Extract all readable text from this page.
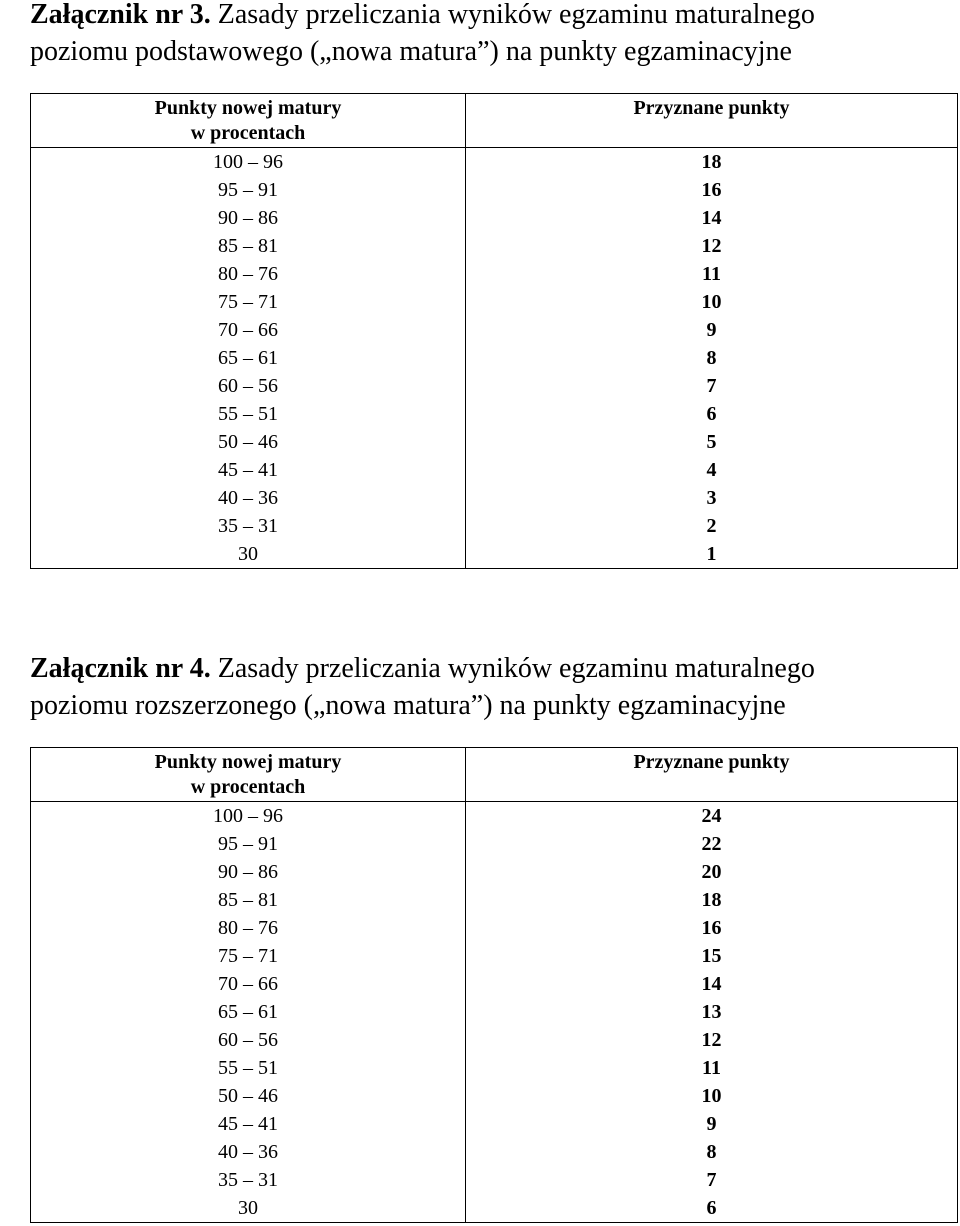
Załącznik nr 3. Zasady przeliczania wyników egzaminu maturalnego
poziomu podstawowego („nowa matura”) na punkty egzaminacyjne
Punkty nowej matury
w procentach	Przyznane punkty
100 – 96	18
95 – 91	16
90 – 86	14
85 – 81	12
80 – 76	11
75 – 71	10
70 – 66	9
65 – 61	8
60 – 56	7
55 – 51	6
50 – 46	5
45 – 41	4
40 – 36	3
35 – 31	2
30	1
Załącznik nr 4. Zasady przeliczania wyników egzaminu maturalnego
poziomu rozszerzonego („nowa matura”) na punkty egzaminacyjne
Punkty nowej matury
w procentach	Przyznane punkty
100 – 96	24
95 – 91	22
90 – 86	20
85 – 81	18
80 – 76	16
75 – 71	15
70 – 66	14
65 – 61	13
60 – 56	12
55 – 51	11
50 – 46	10
45 – 41	9
40 – 36	8
35 – 31	7
30	6
